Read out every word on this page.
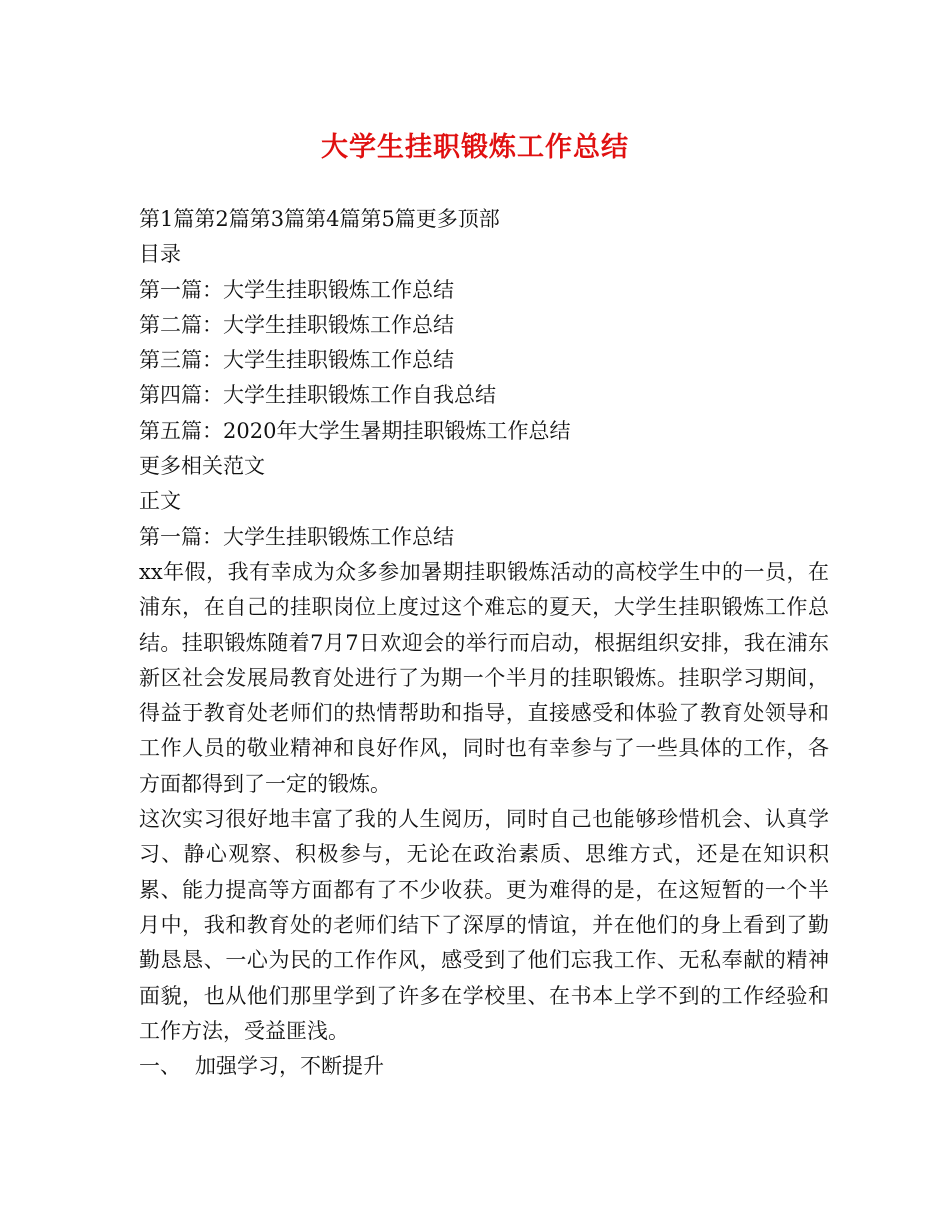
大学生挂职锻炼工作总结

第1篇第2篇第3篇第4篇第5篇更多顶部

目录

第一篇：大学生挂职锻炼工作总结

第二篇：大学生挂职锻炼工作总结

第三篇：大学生挂职锻炼工作总结

第四篇：大学生挂职锻炼工作自我总结

第五篇：2020年大学生暑期挂职锻炼工作总结

更多相关范文

正文

第一篇：大学生挂职锻炼工作总结

xx年假，我有幸成为众多参加暑期挂职锻炼活动的高校学生中的一员，在浦东，在自己的挂职岗位上度过这个难忘的夏天，大学生挂职锻炼工作总结。挂职锻炼随着7月7日欢迎会的举行而启动，根据组织安排，我在浦东新区社会发展局教育处进行了为期一个半月的挂职锻炼。挂职学习期间，得益于教育处老师们的热情帮助和指导，直接感受和体验了教育处领导和工作人员的敬业精神和良好作风，同时也有幸参与了一些具体的工作，各方面都得到了一定的锻炼。

这次实习很好地丰富了我的人生阅历，同时自己也能够珍惜机会、认真学习、静心观察、积极参与，无论在政治素质、思维方式，还是在知识积累、能力提高等方面都有了不少收获。更为难得的是，在这短暂的一个半月中，我和教育处的老师们结下了深厚的情谊，并在他们的身上看到了勤勤恳恳、一心为民的工作作风，感受到了他们忘我工作、无私奉献的精神面貌，也从他们那里学到了许多在学校里、在书本上学不到的工作经验和工作方法，受益匪浅。

一、 加强学习，不断提升
